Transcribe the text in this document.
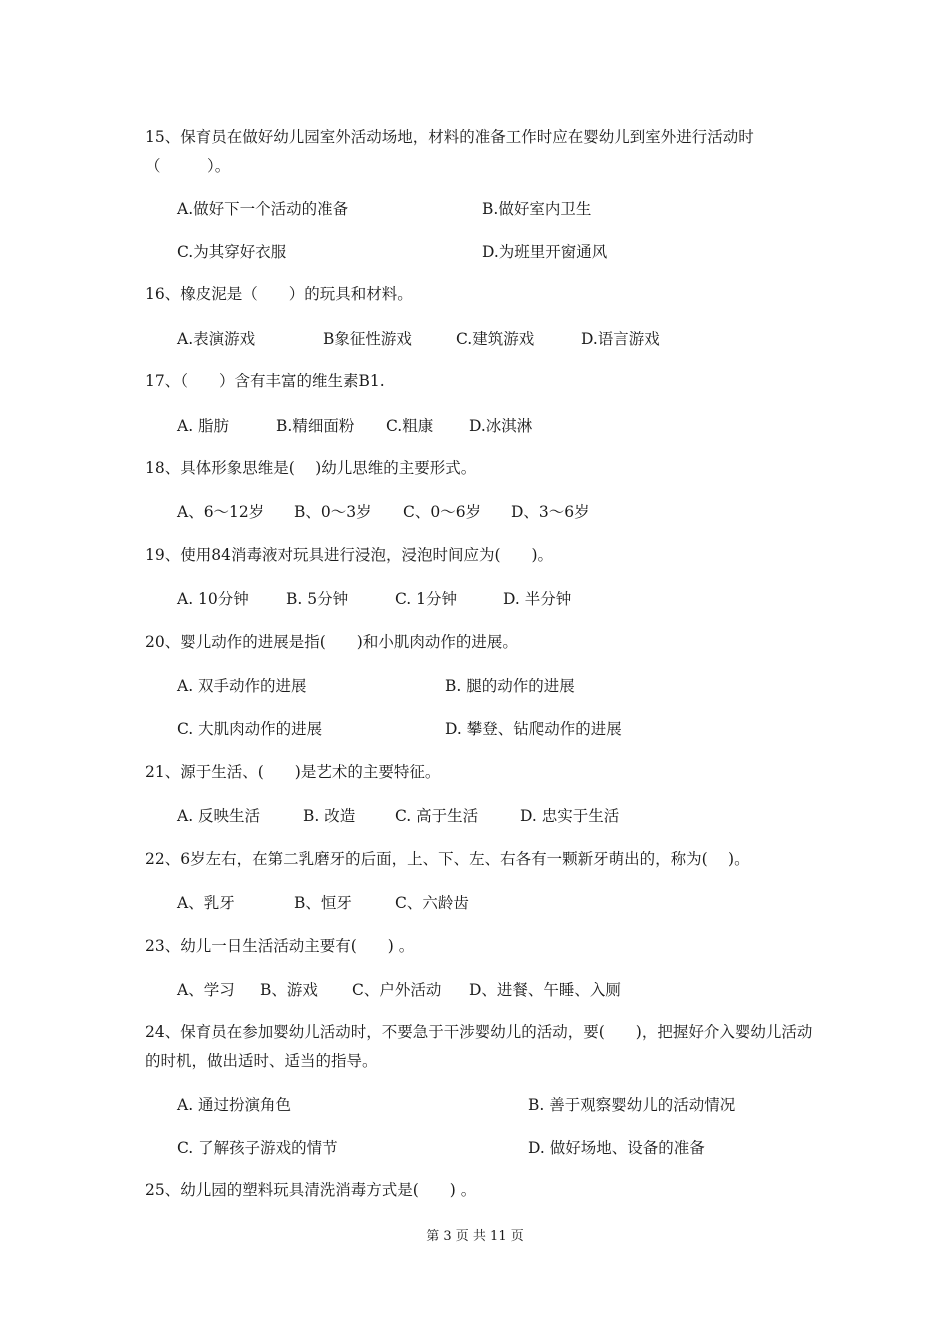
15、保育员在做好幼儿园室外活动场地，材料的准备工作时应在婴幼儿到室外进行活动时（　　　）。
A.做好下一个活动的准备	B.做好室内卫生
C.为其穿好衣服	D.为班里开窗通风
16、橡皮泥是（　　）的玩具和材料。
A.表演游戏	B象征性游戏	C.建筑游戏	D.语言游戏
17、（　　）含有丰富的维生素B1.
A. 脂肪	B.精细面粉 C.粗康 D.冰淇淋
18、具体形象思维是(　 )幼儿思维的主要形式。
A、6～12岁 B、0～3岁 C、0～6岁 D、3～6岁
19、使用84消毒液对玩具进行浸泡，浸泡时间应为(　　)。
A. 10分钟 B. 5分钟	C. 1分钟	D. 半分钟
20、婴儿动作的进展是指(　　)和小肌肉动作的进展。
A. 双手动作的进展	B. 腿的动作的进展
C. 大肌肉动作的进展	D. 攀登、钻爬动作的进展
21、源于生活、(　　)是艺术的主要特征。
A. 反映生活	B. 改造	C. 高于生活	D. 忠实于生活
22、6岁左右，在第二乳磨牙的后面，上、下、左、右各有一颗新牙萌出的，称为(　 )。
A、乳牙	B、恒牙	C、六龄齿
23、幼儿一日生活活动主要有(　　) 。
A、学习 B、游戏 C、户外活动 D、进餐、午睡、入厕
24、保育员在参加婴幼儿活动时，不要急于干涉婴幼儿的活动，要(　　)，把握好介入婴幼儿活动的时机，做出适时、适当的指导。
A. 通过扮演角色	B. 善于观察婴幼儿的活动情况
C. 了解孩子游戏的情节	D. 做好场地、设备的准备
25、幼儿园的塑料玩具清洗消毒方式是(　　) 。
第 3 页 共 11 页
